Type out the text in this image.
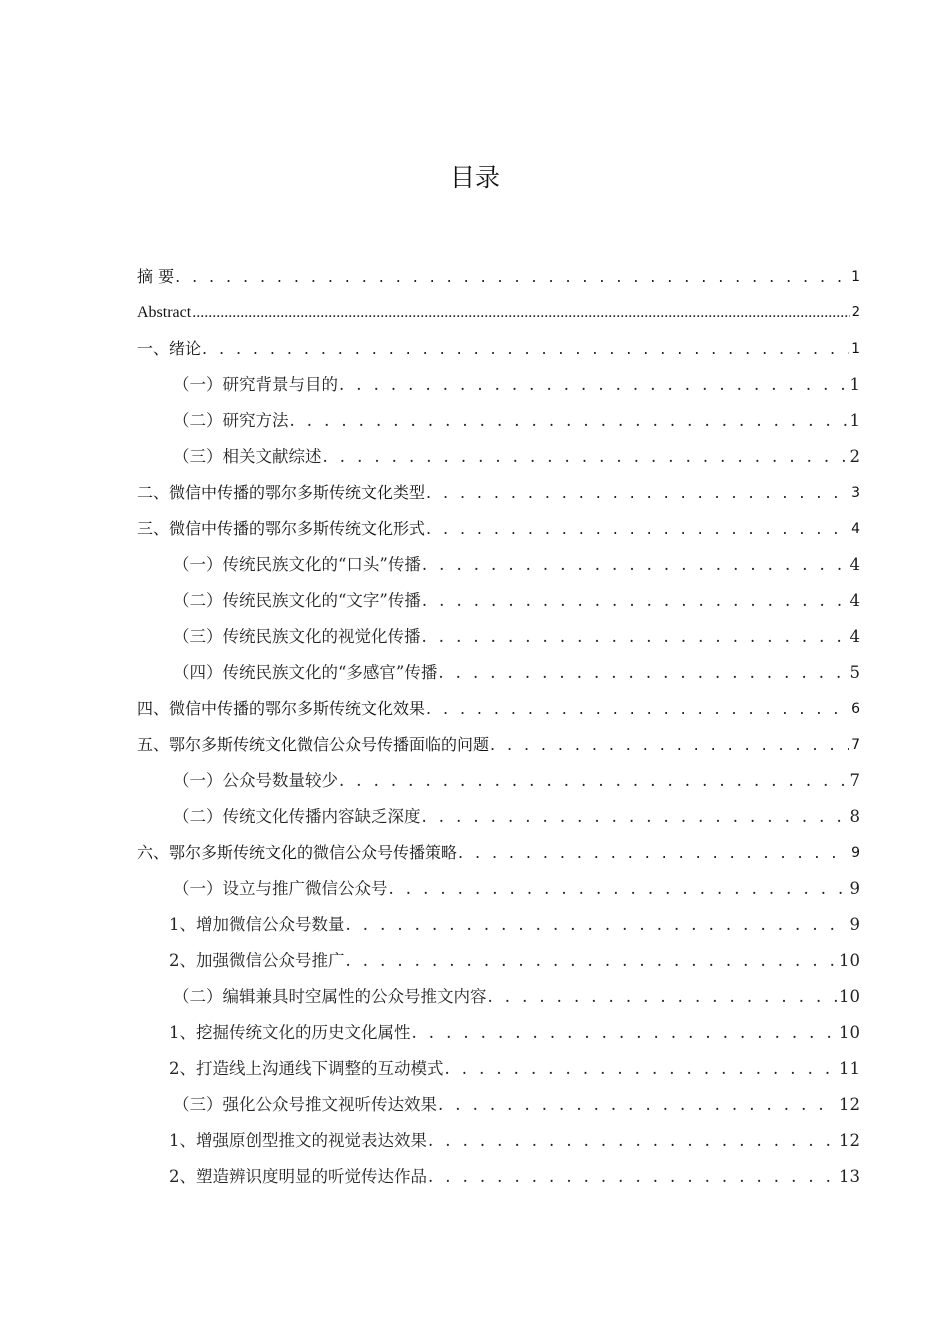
目录
摘 要 . . .	1
Abstract .....	2
一、绪论 . . .	1
（一）研究背景与目的 . . .	1
（二）研究方法 . . .	1
（三）相关文献综述 . . .	2
二、微信中传播的鄂尔多斯传统文化类型 . . .	3
三、微信中传播的鄂尔多斯传统文化形式 . . .	4
（一）传统民族文化的“口头”传播 . . .	4
（二）传统民族文化的“文字”传播 . . .	4
（三）传统民族文化的视觉化传播 . . .	4
（四）传统民族文化的“多感官”传播 . . .	5
四、微信中传播的鄂尔多斯传统文化效果 . . .	6
五、鄂尔多斯传统文化微信公众号传播面临的问题 . . .	7
（一）公众号数量较少 . . .	7
（二）传统文化传播内容缺乏深度 . . .	8
六、鄂尔多斯传统文化的微信公众号传播策略 . . .	9
（一）设立与推广微信公众号 . . .	9
1、增加微信公众号数量 . . .	9
2、加强微信公众号推广 . . .	10
（二）编辑兼具时空属性的公众号推文内容 . . .	10
1、挖掘传统文化的历史文化属性 . . .	10
2、打造线上沟通线下调整的互动模式 . . .	11
（三）强化公众号推文视听传达效果 . . .	12
1、增强原创型推文的视觉表达效果 . . .	12
2、塑造辨识度明显的听觉传达作品 . . .	13
